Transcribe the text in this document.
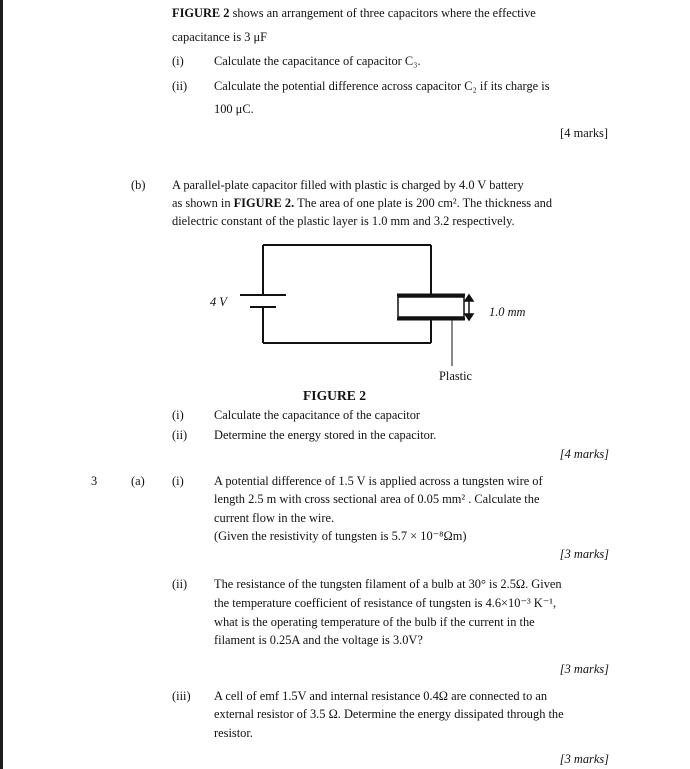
FIGURE 2 shows an arrangement of three capacitors where the effective
capacitance is 3 μF
(i) Calculate the capacitance of capacitor C₃.
(ii) Calculate the potential difference across capacitor C₂ if its charge is
100 μC.
[4 marks]
(b) A parallel-plate capacitor filled with plastic is charged by 4.0 V battery
as shown in FIGURE 2. The area of one plate is 200 cm². The thickness and
dielectric constant of the plastic layer is 1.0 mm and 3.2 respectively.
4 V
1.0 mm
Plastic
FIGURE 2
(i) Calculate the capacitance of the capacitor
(ii) Determine the energy stored in the capacitor.
[4 marks]
3	(a) (i) A potential difference of 1.5 V is applied across a tungsten wire of
length 2.5 m with cross sectional area of 0.05 mm² . Calculate the
current flow in the wire.
(Given the resistivity of tungsten is 5.7 × 10⁻⁸Ωm)
[3 marks]
(ii) The resistance of the tungsten filament of a bulb at 30° is 2.5Ω. Given
the temperature coefficient of resistance of tungsten is 4.6×10⁻³ K⁻¹,
what is the operating temperature of the bulb if the current in the
filament is 0.25A and the voltage is 3.0V?
[3 marks]
(iii) A cell of emf 1.5V and internal resistance 0.4Ω are connected to an
external resistor of 3.5 Ω. Determine the energy dissipated through the
resistor.
[3 marks]
